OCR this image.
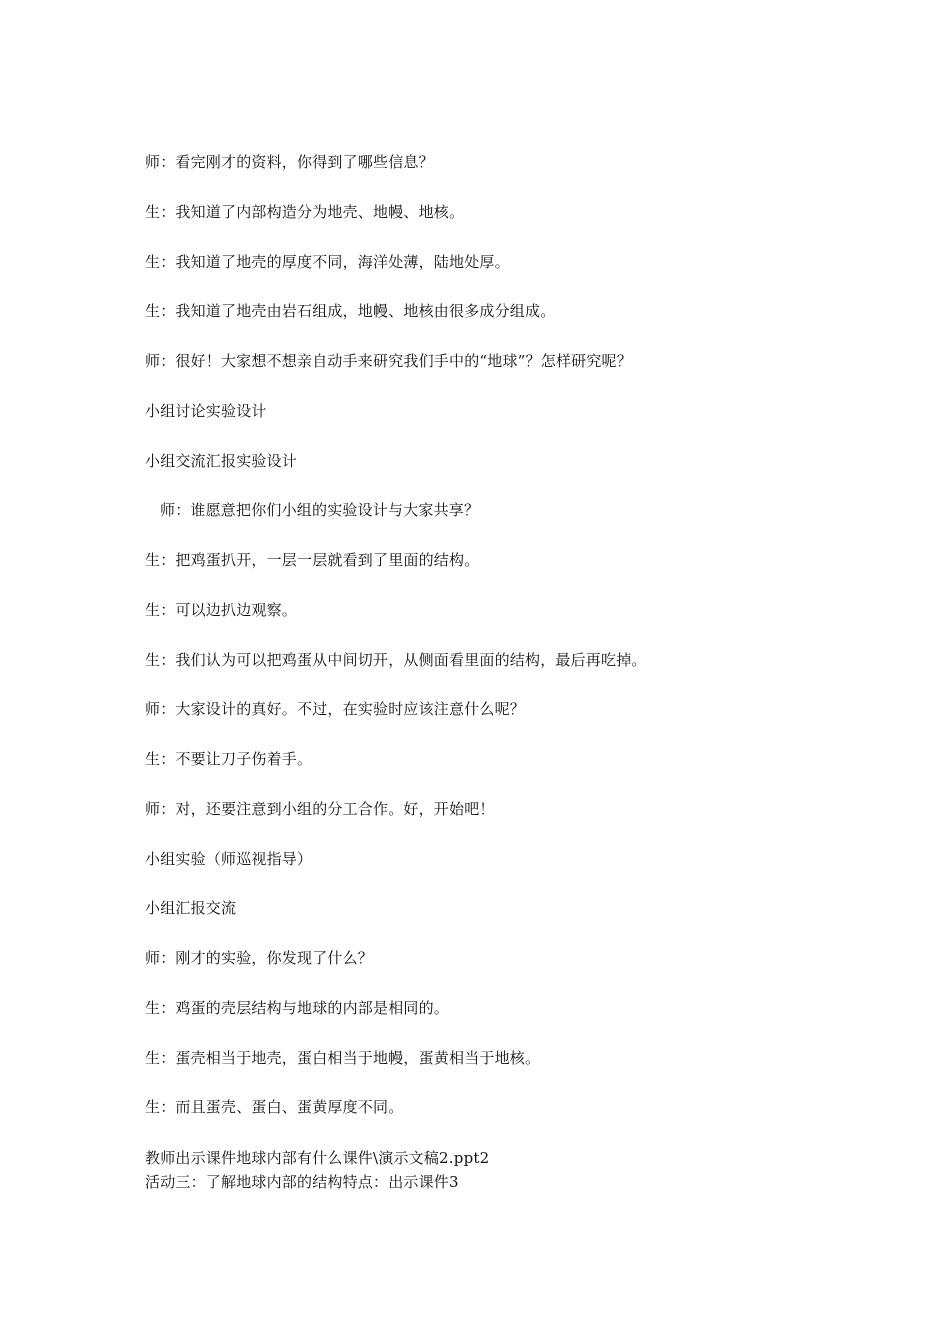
师：看完刚才的资料，你得到了哪些信息？
生：我知道了内部构造分为地壳、地幔、地核。
生：我知道了地壳的厚度不同，海洋处薄，陆地处厚。
生：我知道了地壳由岩石组成，地幔、地核由很多成分组成。
师：很好！大家想不想亲自动手来研究我们手中的“地球”？怎样研究呢？
小组讨论实验设计
小组交流汇报实验设计
师：谁愿意把你们小组的实验设计与大家共享？
生：把鸡蛋扒开，一层一层就看到了里面的结构。
生：可以边扒边观察。
生：我们认为可以把鸡蛋从中间切开，从侧面看里面的结构，最后再吃掉。
师：大家设计的真好。不过，在实验时应该注意什么呢？
生：不要让刀子伤着手。
师：对，还要注意到小组的分工合作。好，开始吧！
小组实验（师巡视指导）
小组汇报交流
师：刚才的实验，你发现了什么？
生：鸡蛋的壳层结构与地球的内部是相同的。
生：蛋壳相当于地壳，蛋白相当于地幔，蛋黄相当于地核。
生：而且蛋壳、蛋白、蛋黄厚度不同。
教师出示课件地球内部有什么课件\演示文稿2.ppt2
活动三：了解地球内部的结构特点：出示课件3
